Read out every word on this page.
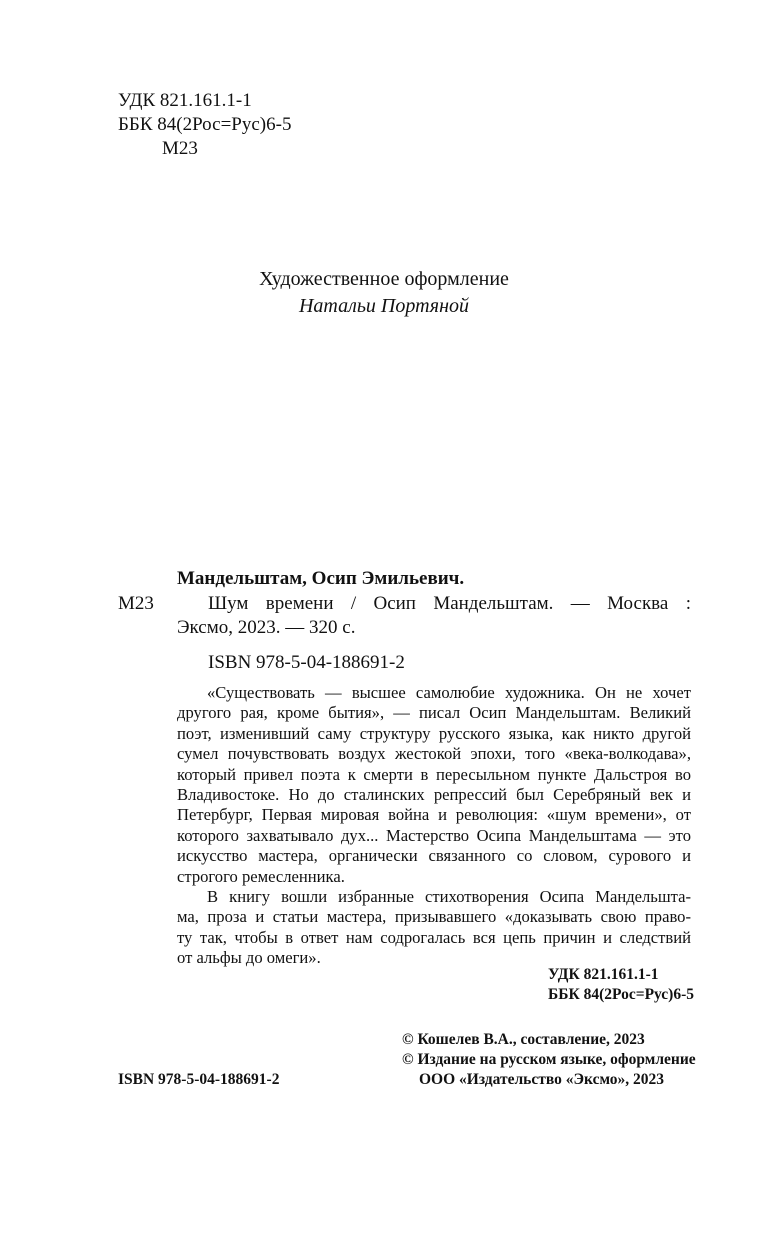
УДК 821.161.1-1
ББК 84(2Рос=Рус)6-5
М23
Художественное оформление
Натальи Портяной
Мандельштам, Осип Эмильевич.
М23	Шум времени / Осип Мандельштам. — Москва :
Эксмо, 2023. — 320 с.
ISBN 978-5-04-188691-2
«Существовать — высшее самолюбие художника. Он не хочет
другого рая, кроме бытия», — писал Осип Мандельштам. Великий
поэт, изменивший саму структуру русского языка, как никто другой
сумел почувствовать воздух жестокой эпохи, того «века-волкодава»,
который привел поэта к смерти в пересыльном пункте Дальстроя во
Владивостоке. Но до сталинских репрессий был Серебряный век и
Петербург, Первая мировая война и революция: «шум времени», от
которого захватывало дух... Мастерство Осипа Мандельштама — это
искусство мастера, органически связанного со словом, сурового и
строгого ремесленника.
В книгу вошли избранные стихотворения Осипа Мандельшта-
ма, проза и статьи мастера, призывавшего «доказывать свою право-
ту так, чтобы в ответ нам содрогалась вся цепь причин и следствий
от альфы до омеги».
УДК 821.161.1-1
ББК 84(2Рос=Рус)6-5
© Кошелев В.А., составление, 2023
© Издание на русском языке, оформление
ООО «Издательство «Эксмо», 2023
ISBN 978-5-04-188691-2
